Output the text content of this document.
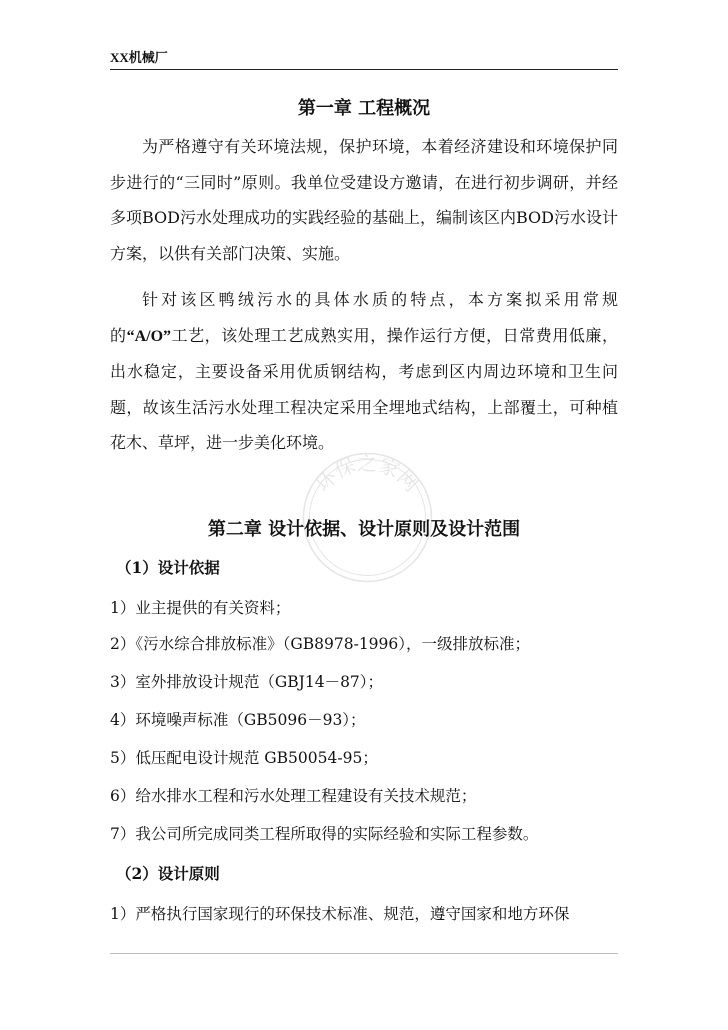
XX机械厂
第一章 工程概况

为严格遵守有关环境法规，保护环境，本着经济建设和环境保护同步进行的“三同时”原则。我单位受建设方邀请，在进行初步调研，并经多项BOD污水处理成功的实践经验的基础上，编制该区内BOD污水设计方案，以供有关部门决策、实施。

针对该区鸭绒污水的具体水质的特点，本方案拟采用常规的“A/O”工艺，该处理工艺成熟实用，操作运行方便，日常费用低廉，出水稳定，主要设备采用优质钢结构，考虑到区内周边环境和卫生问题，故该生活污水处理工程决定采用全埋地式结构，上部覆土，可种植花木、草坪，进一步美化环境。

第二章 设计依据、设计原则及设计范围
（1）设计依据
1）业主提供的有关资料；
2）《污水综合排放标准》（GB8978-1996），一级排放标准；
3）室外排放设计规范（GBJ14－87）；
4）环境噪声标准（GB5096－93）；
5）低压配电设计规范 GB50054-95；
6）给水排水工程和污水处理工程建设有关技术规范；
7）我公司所完成同类工程所取得的实际经验和实际工程参数。
（2）设计原则
1）严格执行国家现行的环保技术标准、规范，遵守国家和地方环保
环保之家网
